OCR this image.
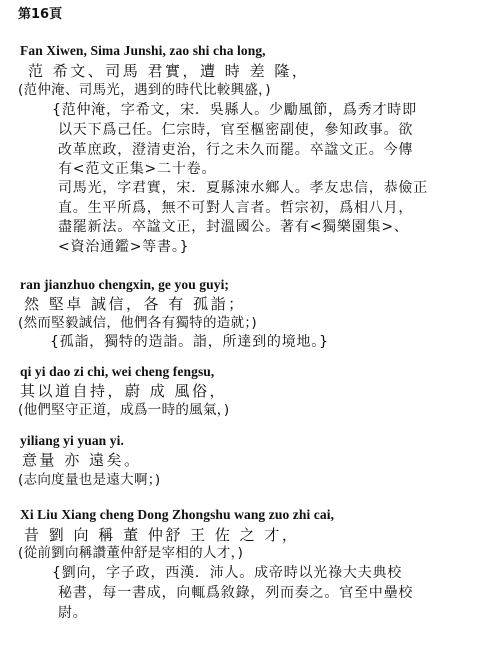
第16頁
Fan Xiwen, Sima Junshi, zao shi cha long,
范 希文、司馬 君實，遭 時 差 隆，
(范仲淹、司馬光，遇到的時代比較興盛，)
{范仲淹，字希文，宋．吳縣人。少勵風節，爲秀才時即
以天下爲己任。仁宗時，官至樞密副使，參知政事。欲
改革庶政，澄清吏治，行之未久而罷。卒諡文正。今傳
有<范文正集>二十卷。
司馬光，字君實，宋．夏縣涑水鄉人。孝友忠信，恭儉正
直。生平所爲，無不可對人言者。哲宗初，爲相八月，
盡罷新法。卒諡文正，封溫國公。著有<獨樂園集>、
<資治通鑑>等書。}
ran jianzhuo chengxin, ge you guyi;
然 堅卓 誠信，各 有 孤詣；
(然而堅毅誠信，他們各有獨特的造就；)
{孤詣，獨特的造詣。詣，所達到的境地。}
qi yi dao zi chi, wei cheng fengsu,
其以道自持，蔚 成 風俗，
(他們堅守正道，成爲一時的風氣，)
yiliang yi yuan yi.
意量 亦 遠矣。
(志向度量也是遠大啊；)
Xi Liu Xiang cheng Dong Zhongshu wang zuo zhi cai,
昔 劉 向 稱 董 仲舒 王 佐 之 才，
(從前劉向稱讚董仲舒是宰相的人才，)
{劉向，字子政，西漢．沛人。成帝時以光祿大夫典校
秘書，每一書成，向輒爲敘錄，列而奏之。官至中壘校
尉。
